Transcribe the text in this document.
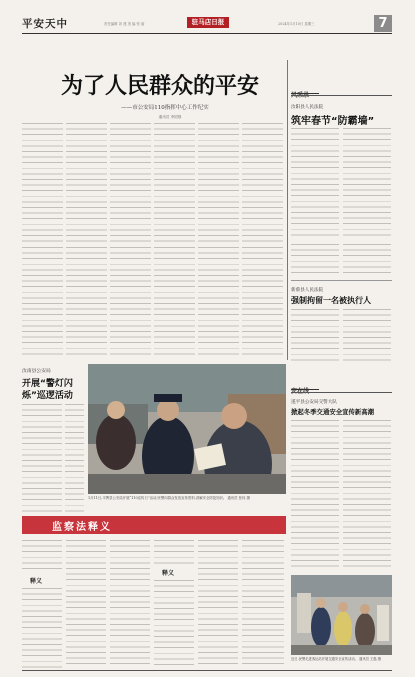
平安天中	责任编辑 刘 建 美 编 张 丽	驻马店日报	2024年1月10日 星期三	7
为了人民群众的平安
——市公安局110指挥中心工作纪实
通讯员 李国强
汝南县公安局
开展“警灯闪
烁”巡逻活动
1月11日,平舆县公安局开展“110宣传日”活动,民警向群众发放宣传资料,讲解安全防范知识。 通讯员 张伟 摄
汝阳县人民法院
筑牢春节“防霸墙”
新蔡县人民法院
强制拘留一名被执行人
监察法释义
释义
释义
遂平县公安局交警大队
掀起冬季交通安全宣传新高潮
近日,民警走进客运站开展交通安全宣传活动。 通讯员 王磊 摄
